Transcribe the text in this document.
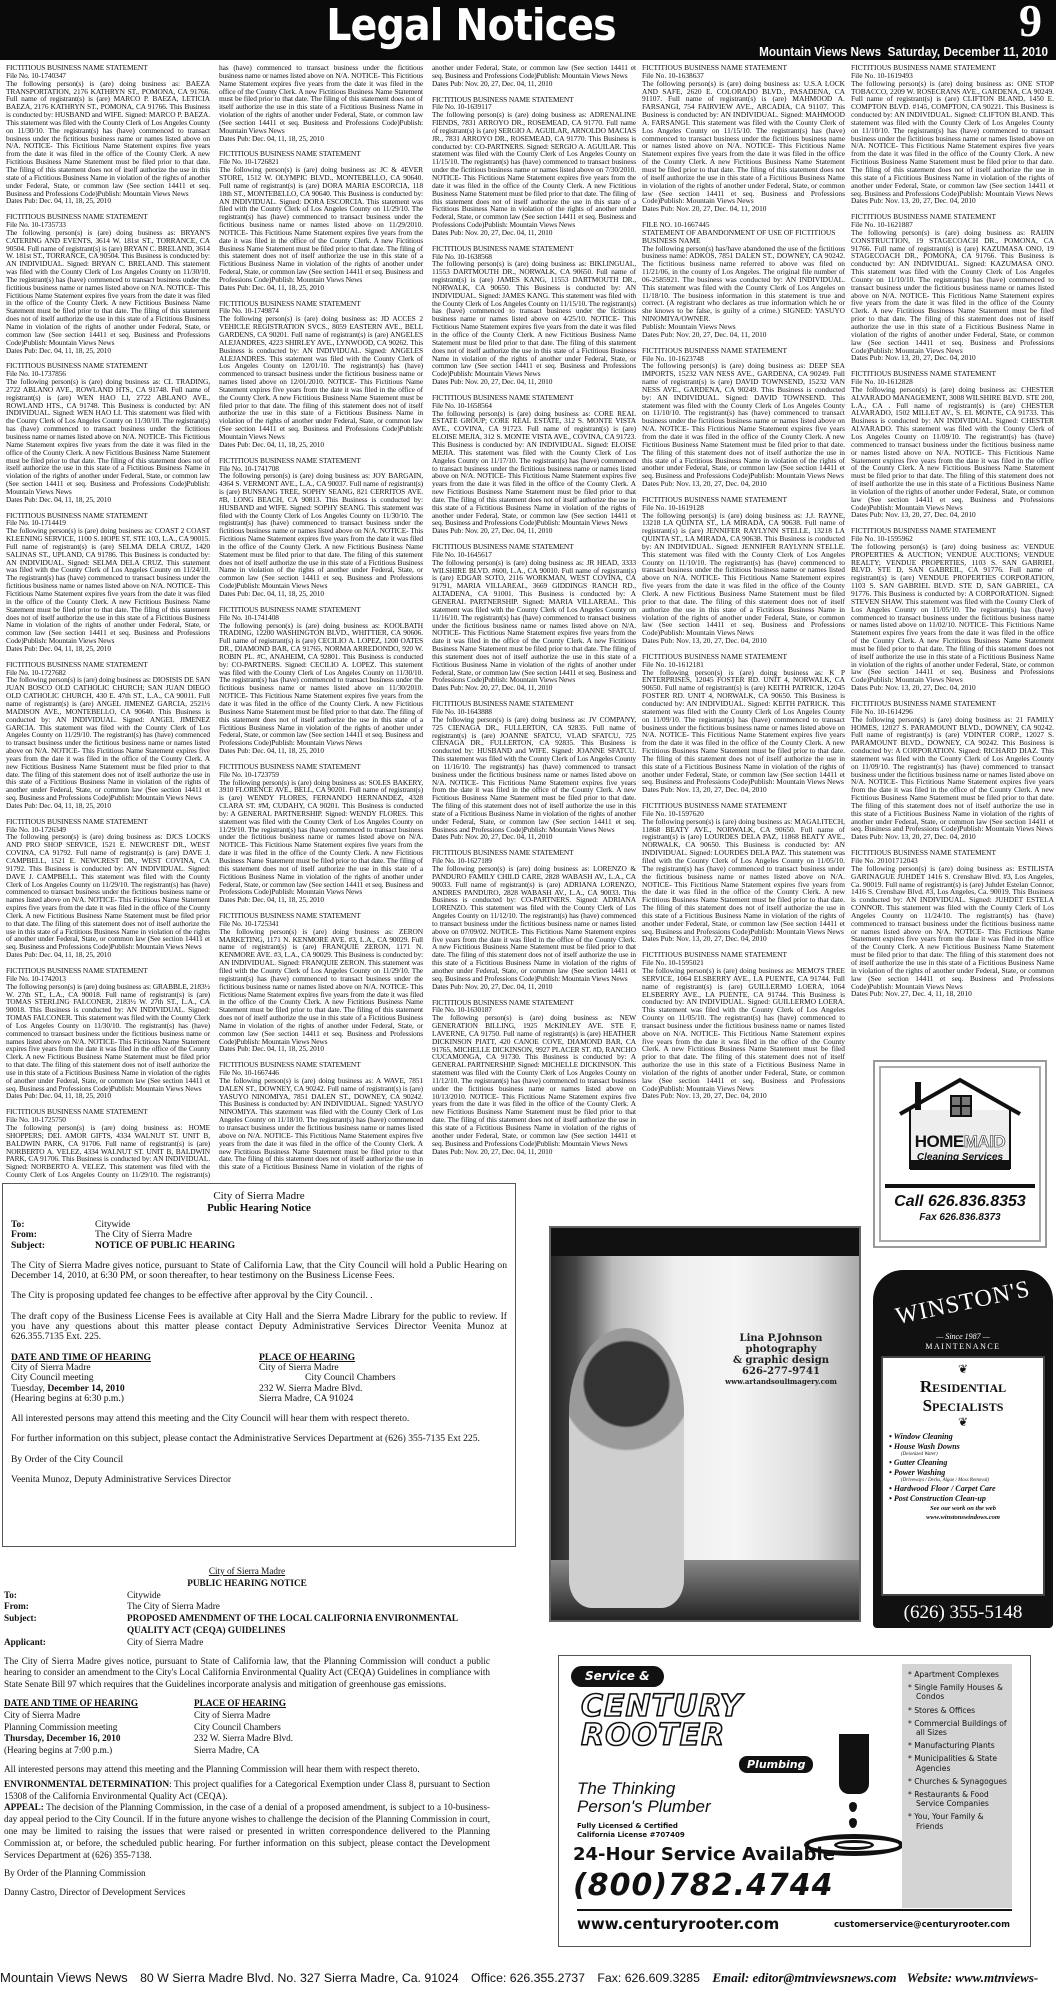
Legal Notices	9
Mountain Views News Saturday, December 11, 2010
FICTITIOUS BUSINESS NAME STATEMENT
File No. 10-1740347
The following person(s) is (are) doing business as: BAEZA TRANSPORTATION, 2176 KATHRYN ST., POMONA, CA 91766. Full name of registrant(s) is (are) MARCO P. BAEZA, LETICIA BAEZA, 2176 KATHRYN ST., POMONA, CA 91766. This Business is conducted by: HUSBAND and WIFE. Signed: MARCO P. BAEZA. This statement was filed with the County Clerk of Los Angeles County on 11/30/10. The registrant(s) has (have) commenced to transact business under the fictitious business name or names listed above on N/A. NOTICE- This Fictitious Name Statement expires five years from the date it was filed in the office of the County Clerk. A new Fictitious Business Name Statement must be filed prior to that date. The filing of this statement does not of itself authorize the use in this state of a Fictitious Business Name in violation of the rights of another under Federal, State, or common law (See section 14411 et seq. Business and Professions Code)Publish: Mountain Views News
Dates Pub: Dec. 04, 11, 18, 25, 2010
FICTITIOUS BUSINESS NAME STATEMENT
File No. 10-1735733
The following person(s) is (are) doing business as: BRYAN'S CATERING AND EVENTS, 3614 W. 181st ST., TORRANCE, CA 90504. Full name of registrant(s) is (are) BRYAN C. BRELAND, 3614 W. 181st ST., TORRANCE, CA 90504. This Business is conducted by: AN INDIVIDUAL. Signed: BRYAN C. BRELAND. This statement was filed with the County Clerk of Los Angeles County on 11/30/10. The registrant(s) has (have) commenced to transact business under the fictitious business name or names listed above on N/A. NOTICE- This Fictitious Name Statement expires five years from the date it was filed in the office of the County Clerk. A new Fictitious Business Name Statement must be filed prior to that date. The filing of this statement does not of itself authorize the use in this state of a Fictitious Business Name in violation of the rights of another under Federal, State, or common law (See section 14411 et seq. Business and Professions Code)Publish: Mountain Views News
Dates Pub: Dec. 04, 11, 18, 25, 2010
FICTITIOUS BUSINESS NAME STATEMENT
File No. 10-1737856
The following person(s) is (are) doing business as: CL TRADING, 2722 ABLANO AVE., ROWLAND HTS., CA 91748. Full name of registrant(s) is (are) WEN HAO LI, 2722 ABLANO AVE., ROWLAND HTS., CA 91748. This Business is conducted by: AN INDIVIDUAL. Signed: WEN HAO LI. This statement was filed with the County Clerk of Los Angeles County on 11/30/10. The registrant(s) has (have) commenced to transact business under the fictitious business name or names listed above on N/A. NOTICE- This Fictitious Name Statement expires five years from the date it was filed in the office of the County Clerk. A new Fictitious Business Name Statement must be filed prior to that date. The filing of this statement does not of itself authorize the use in this state of a Fictitious Business Name in violation of the rights of another under Federal, State, or common law (See section 14411 et seq. Business and Professions Code)Publish: Mountain Views News
Dates Pub: Dec. 04, 11, 18, 25, 2010
FICTITIOUS BUSINESS NAME STATEMENT
File No. 10-1714419
The following person(s) is (are) doing business as: COAST 2 COAST KLEENING SERVICE, 1100 S. HOPE ST. STE 103, L.A., CA 90015. Full name of registrant(s) is (are) SELMA DELA CRUZ, 1420 SALINAS ST., UPLAND, CA 91786. This Business is conducted by: AN INDIVIDUAL. Signed: SELMA DELA CRUZ. This statement was filed with the County Clerk of Los Angeles County on 11/24/10. The registrant(s) has (have) commenced to transact business under the fictitious business name or names listed above on N/A. NOTICE- This Fictitious Name Statement expires five years from the date it was filed in the office of the County Clerk. A new Fictitious Business Name Statement must be filed prior to that date. The filing of this statement does not of itself authorize the use in this state of a Fictitious Business Name in violation of the rights of another under Federal, State, or common law (See section 14411 et seq. Business and Professions Code)Publish: Mountain Views News
Dates Pub: Dec. 04, 11, 18, 25, 2010
FICTITIOUS BUSINESS NAME STATEMENT
File No. 10-1727682
The following person(s) is (are) doing business as: DIOSISIS DE SAN JUAN BOSCO OLD CATHOLIC CHURCH; SAN JUAN DIEGO OLD CATHOLIC CHURCH, 430 E. 47th ST., L.A., CA 90011. Full name of registrant(s) is (are) ANGEL JIMENEZ GARCIA, 2521½ MADISON AVE., MONTEBELLO, CA 90640. This Business is conducted by: AN INDIVIDUAL. Signed: ANGEL JIMENEZ GARCIA. This statement was filed with the County Clerk of Los Angeles County on 11/29/10. The registrant(s) has (have) commenced to transact business under the fictitious business name or names listed above on N/A. NOTICE- This Fictitious Name Statement expires five years from the date it was filed in the office of the County Clerk. A new Fictitious Business Name Statement must be filed prior to that date. The filing of this statement does not of itself authorize the use in this state of a Fictitious Business Name in violation of the rights of another under Federal, State, or common law (See section 14411 et seq. Business and Professions Code)Publish: Mountain Views News
Dates Pub: Dec. 04, 11, 18, 25, 2010
FICTITIOUS BUSINESS NAME STATEMENT
File No. 10-1726349
The following person(s) is (are) doing business as: DJCS LOCKS AND PRO SHOP SERVICE, 1521 E. NEWCREST DR., WEST COVINA, CA 91792. Full name of registrant(s) is (are) DAVE J. CAMPBELL, 1521 E. NEWCREST DR., WEST COVINA, CA 91792. This Business is conducted by: AN INDIVIDUAL. Signed: DAVE J. CAMPBELL. This statement was filed with the County Clerk of Los Angeles County on 11/29/10. The registrant(s) has (have) commenced to transact business under the fictitious business name or names listed above on N/A. NOTICE- This Fictitious Name Statement expires five years from the date it was filed in the office of the County Clerk. A new Fictitious Business Name Statement must be filed prior to that date. The filing of this statement does not of itself authorize the use in this state of a Fictitious Business Name in violation of the rights of another under Federal, State, or common law (See section 14411 et seq. Business and Professions Code)Publish: Mountain Views News
Dates Pub: Dec. 04, 11, 18, 25, 2010
FICTITIOUS BUSINESS NAME STATEMENT
File No. 10-1742013
The following person(s) is (are) doing business as: GRABBLE, 2183½ W. 27th ST., L.A., CA 90018. Full name of registrant(s) is (are) TOMAS STERLING FALCONER, 2183½ W. 27th ST., L.A., CA 90018. This Business is conducted by: AN INDIVIDUAL. Signed: TOMAS FALCONER. This statement was filed with the County Clerk of Los Angeles County on 11/30/10. The registrant(s) has (have) commenced to transact business under the fictitious business name or names listed above on N/A. NOTICE- This Fictitious Name Statement expires five years from the date it was filed in the office of the County Clerk. A new Fictitious Business Name Statement must be filed prior to that date. The filing of this statement does not of itself authorize the use in this state of a Fictitious Business Name in violation of the rights of another under Federal, State, or common law (See section 14411 et seq. Business and Professions Code)Publish: Mountain Views News
Dates Pub: Dec. 04, 11, 18, 25, 2010
FICTITIOUS BUSINESS NAME STATEMENT
File No. 10-1725750
The following person(s) is (are) doing business as: HOME SHOPPERS; DEL AMOR GIFTS, 4334 WALNUT ST. UNIT B, BALDWIN PARK, CA 91706. Full name of registrant(s) is (are) NORBERTO A. VELEZ, 4334 WALNUT ST. UNIT B, BALDWIN PARK, CA 91706. This Business is conducted by: AN INDIVIDUAL. Signed: NORBERTO A. VELEZ. This statement was filed with the County Clerk of Los Angeles County on 11/29/10. The registrant(s) has (have) commenced to transact business under the fictitious business name or names listed above on N/A. NOTICE- This Fictitious Name Statement expires five years from the date it was filed in the office of the County Clerk. A new Fictitious Business Name Statement must be filed prior to that date. The filing of this statement does not of itself authorize the use in this state of a Fictitious Business Name in violation of the rights of another under Federal, State, or common law (See section 14411 et seq. Business and Professions Code)Publish: Mountain Views News
Dates Pub: Dec. 04, 11, 18, 25, 2010
FICTITIOUS BUSINESS NAME STATEMENT
File No. 10-1726821
The following person(s) is (are) doing business as: JC & 4EVER STORE, 1512 W. OLYMPIC BLVD., MONTEBELLO, CA 90640. Full name of registrant(s) is (are) DORA MARIA ESCORCIA, 118 18th ST., MONTEBELLO, CA 90640. This Business is conducted by: AN INDIVIDUAL. Signed: DORA ESCORCIA. This statement was filed with the County Clerk of Los Angeles County on 11/29/10. The registrant(s) has (have) commenced to transact business under the fictitious business name or names listed above on 11/29/2010. NOTICE- This Fictitious Name Statement expires five years from the date it was filed in the office of the County Clerk. A new Fictitious Business Name Statement must be filed prior to that date. The filing of this statement does not of itself authorize the use in this state of a Fictitious Business Name in violation of the rights of another under Federal, State, or common law (See section 14411 et seq. Business and Professions Code)Publish: Mountain Views News
Dates Pub: Dec. 04, 11, 18, 25, 2010
FICTITIOUS BUSINESS NAME STATEMENT
File No. 10-1749874
The following person(s) is (are) doing business as: JD ACCES 2 VEHICLE REGISTRATION SVCS., 8059 EASTERN AVE., BELL GARDENS, CA 90201. Full name of registrant(s) is (are) ANGELES ALEJANDRES, 4223 SHIRLEY AVE., LYNWOOD, CA 90262. This Business is conducted by: AN INDIVIDUAL. Signed: ANGELES ALEJANDRES. This statement was filed with the County Clerk of Los Angeles County on 12/01/10. The registrant(s) has (have) commenced to transact business under the fictitious business name or names listed above on 12/01/2010. NOTICE- This Fictitious Name Statement expires five years from the date it was filed in the office of the County Clerk. A new Fictitious Business Name Statement must be filed prior to that date. The filing of this statement does not of itself authorize the use in this state of a Fictitious Business Name in violation of the rights of another under Federal, State, or common law (See section 14411 et seq. Business and Professions Code)Publish: Mountain Views News
Dates Pub: Dec. 04, 11, 18, 25, 2010
FICTITIOUS BUSINESS NAME STATEMENT
File No. 10-1741708
The following person(s) is (are) doing business as: JOY BARGAIN, 4364 S. VERMONT AVE., L.A., CA 90037. Full name of registrant(s) is (are) BUNSANG TREE, SOPHY SEANG, 821 CERRITOS AVE. #B, LONG BEACH, CA 90813. This Business is conducted by: HUSBAND and WIFE. Signed: SOPHY SEANG. This statement was filed with the County Clerk of Los Angeles County on 11/30/10. The registrant(s) has (have) commenced to transact business under the fictitious business name or names listed above on N/A. NOTICE- This Fictitious Name Statement expires five years from the date it was filed in the office of the County Clerk. A new Fictitious Business Name Statement must be filed prior to that date. The filing of this statement does not of itself authorize the use in this state of a Fictitious Business Name in violation of the rights of another under Federal, State, or common law (See section 14411 et seq. Business and Professions Code)Publish: Mountain Views News
Dates Pub: Dec. 04, 11, 18, 25, 2010
FICTITIOUS BUSINESS NAME STATEMENT
File No. 10-1741408
The following person(s) is (are) doing business as: KOOLBATH TRADING, 12200 WASHINGTON BLVD., WHITTIER, CA 90606. Full name of registrant(s) is (are) CECILIO A. LOPEZ, 1200 OATES DR., DIAMOND BAR, CA 91765, NORMA ARREDONDO, 920 W. ROBIN PL. #C, ANAHEIM, CA 92801. This Business is conducted by: CO-PARTNERS. Signed: CECILIO A. LOPEZ. This statement was filed with the County Clerk of Los Angeles County on 11/30/10. The registrant(s) has (have) commenced to transact business under the fictitious business name or names listed above on 11/30/2010. NOTICE- This Fictitious Name Statement expires five years from the date it was filed in the office of the County Clerk. A new Fictitious Business Name Statement must be filed prior to that date. The filing of this statement does not of itself authorize the use in this state of a Fictitious Business Name in violation of the rights of another under Federal, State, or common law (See section 14411 et seq. Business and Professions Code)Publish: Mountain Views News
Dates Pub: Dec. 04, 11, 18, 25, 2010
FICTITIOUS BUSINESS NAME STATEMENT
File No. 10-1723759
The following person(s) is (are) doing business as: SOLES BAKERY, 3910 FLORENCE AVE., BELL, CA 90201. Full name of registrant(s) is (are) WENDY FLORES, FERNANDO HERNANDEZ, 4328 CLARA ST. #M, CUDAHY, CA 90201. This Business is conducted by: A GENERAL PARTNERSHIP. Signed: WENDY FLORES. This statement was filed with the County Clerk of Los Angeles County on 11/29/10. The registrant(s) has (have) commenced to transact business under the fictitious business name or names listed above on N/A. NOTICE- This Fictitious Name Statement expires five years from the date it was filed in the office of the County Clerk. A new Fictitious Business Name Statement must be filed prior to that date. The filing of this statement does not of itself authorize the use in this state of a Fictitious Business Name in violation of the rights of another under Federal, State, or common law (See section 14411 et seq. Business and Professions Code)Publish: Mountain Views News
Dates Pub: Dec. 04, 11, 18, 25, 2010
FICTITIOUS BUSINESS NAME STATEMENT
File No. 10-1725341
The following person(s) is (are) doing business as: ZERON MARKETING, 1171 N. KENMORE AVE. #3, L.A., CA 90029. Full name of registrant(s) is (are) FRANQUIE ZERON, 1171 N. KENMORE AVE. #3, L.A., CA 90029. This Business is conducted by: AN INDIVIDUAL. Signed: FRANQUIE ZERON. This statement was filed with the County Clerk of Los Angeles County on 11/29/10. The registrant(s) has (have) commenced to transact business under the fictitious business name or names listed above on N/A. NOTICE- This Fictitious Name Statement expires five years from the date it was filed in the office of the County Clerk. A new Fictitious Business Name Statement must be filed prior to that date. The filing of this statement does not of itself authorize the use in this state of a Fictitious Business Name in violation of the rights of another under Federal, State, or common law (See section 14411 et seq. Business and Professions Code)Publish: Mountain Views News
Dates Pub: Dec. 04, 11, 18, 25, 2010
FICTITIOUS BUSINESS NAME STATEMENT
File No. 10-1667446
The following person(s) is (are) doing business as: A WAVE, 7851 DALEN ST., DOWNEY, CA 90242. Full name of registrant(s) is (are) YASUYO NINOMIYA, 7851 DALEN ST., DOWNEY, CA 90242. This Business is conducted by: AN INDIVIDUAL. Signed: YASUYO NINOMIYA. This statement was filed with the County Clerk of Los Angeles County on 11/18/10. The registrant(s) has (have) commenced to transact business under the fictitious business name or names listed above on N/A. NOTICE- This Fictitious Name Statement expires five years from the date it was filed in the office of the County Clerk. A new Fictitious Business Name Statement must be filed prior to that date. The filing of this statement does not of itself authorize the use in this state of a Fictitious Business Name in violation of the rights of another under Federal, State, or common law (See section 14411 et seq. Business and Professions Code)Publish: Mountain Views News
Dates Pub: Nov. 20, 27, Dec. 04, 11, 2010
FICTITIOUS BUSINESS NAME STATEMENT
File No. 10-1639117
The following person(s) is (are) doing business as: ADRENALINE FIENDS, 7831 ARROYO DR., ROSEMEAD, CA 91770. Full name of registrant(s) is (are) SERGIO A. AGUILAR, ARNOLDO MACIAS JR., 7831 ARROYO DR., ROSEMEAD, CA 91770. This Business is conducted by: CO-PARTNERS. Signed: SERGIO A. AGUILAR. This statement was filed with the County Clerk of Los Angeles County on 11/15/10. The registrant(s) has (have) commenced to transact business under the fictitious business name or names listed above on 7/30/2010. NOTICE- This Fictitious Name Statement expires five years from the date it was filed in the office of the County Clerk. A new Fictitious Business Name Statement must be filed prior to that date. The filing of this statement does not of itself authorize the use in this state of a Fictitious Business Name in violation of the rights of another under Federal, State, or common law (See section 14411 et seq. Business and Professions Code)Publish: Mountain Views News
Dates Pub: Nov. 20, 27, Dec. 04, 11, 2010
FICTITIOUS BUSINESS NAME STATEMENT
File No. 10-1638568
The following person(s) is (are) doing business as: BIKLINGUAL, 11553 DARTMOUTH DR., NORWALK, CA 90650. Full name of registrant(s) is (are) JAMES KANG, 11553 DARTMOUTH DR., NORWALK, CA 90650. This Business is conducted by: AN INDIVIDUAL. Signed: JAMES KANG. This statement was filed with the County Clerk of Los Angeles County on 11/15/10. The registrant(s) has (have) commenced to transact business under the fictitious business name or names listed above on 4/25/10. NOTICE- This Fictitious Name Statement expires five years from the date it was filed in the office of the County Clerk. A new Fictitious Business Name Statement must be filed prior to that date. The filing of this statement does not of itself authorize the use in this state of a Fictitious Business Name in violation of the rights of another under Federal, State, or common law (See section 14411 et seq. Business and Professions Code)Publish: Mountain Views News
Dates Pub: Nov. 20, 27, Dec. 04, 11, 2010
FICTITIOUS BUSINESS NAME STATEMENT
File No. 10-1658564
The following person(s) is (are) doing business as: CORE REAL ESTATE GROUP; CORE REAL ESTATE, 312 S. MONTE VISTA AVE., COVINA, CA 91723. Full name of registrant(s) is (are) ELOISE MEJIA, 312 S. MONTE VISTA AVE., COVINA, CA 91723. This Business is conducted by: AN INDIVIDUAL. Signed: ELOISE MEJIA. This statement was filed with the County Clerk of Los Angeles County on 11/17/10. The registrant(s) has (have) commenced to transact business under the fictitious business name or names listed above on N/A. NOTICE- This Fictitious Name Statement expires five years from the date it was filed in the office of the County Clerk. A new Fictitious Business Name Statement must be filed prior to that date. The filing of this statement does not of itself authorize the use in this state of a Fictitious Business Name in violation of the rights of another under Federal, State, or common law (See section 14411 et seq. Business and Professions Code)Publish: Mountain Views News
Dates Pub: Nov. 20, 27, Dec. 04, 11, 2010
FICTITIOUS BUSINESS NAME STATEMENT
File No. 10-1645617
The following person(s) is (are) doing business as: JR HEAD, 3333 WILSHIRE BLVD. #600, L.A., CA 90010. Full name of registrant(s) is (are) EDGAR SOTO, 2116 WORKMAN, WEST COVINA, CA 91791, MARIA VILLAREAL, 3669 GIDDINGS RANCH RD., ALTADENA, CA 91001. This Business is conducted by: A GENERAL PARTNERSHIP. Signed: MARIA VILLAREAL. This statement was filed with the County Clerk of Los Angeles County on 11/16/10. The registrant(s) has (have) commenced to transact business under the fictitious business name or names listed above on N/A. NOTICE- This Fictitious Name Statement expires five years from the date it was filed in the office of the County Clerk. A new Fictitious Business Name Statement must be filed prior to that date. The filing of this statement does not of itself authorize the use in this state of a Fictitious Business Name in violation of the rights of another under Federal, State, or common law (See section 14411 et seq. Business and Professions Code)Publish: Mountain Views News
Dates Pub: Nov. 20, 27, Dec. 04, 11, 2010
FICTITIOUS BUSINESS NAME STATEMENT
File No. 10-1643888
The following person(s) is (are) doing business as: JV COMPANY, 725 CIENAGA DR., FULLERTON, CA 92835. Full name of registrant(s) is (are) JOANNE SFATCU, VLAD SFATCU, 725 CIENAGA DR., FULLERTON, CA 92835. This Business is conducted by: HUSBAND and WIFE. Signed: JOANNE SFATCU. This statement was filed with the County Clerk of Los Angeles County on 11/16/10. The registrant(s) has (have) commenced to transact business under the fictitious business name or names listed above on N/A. NOTICE- This Fictitious Name Statement expires five years from the date it was filed in the office of the County Clerk. A new Fictitious Business Name Statement must be filed prior to that date. The filing of this statement does not of itself authorize the use in this state of a Fictitious Business Name in violation of the rights of another under Federal, State, or common law (See section 14411 et seq. Business and Professions Code)Publish: Mountain Views News
Dates Pub: Nov. 20, 27, Dec. 04, 11, 2010
FICTITIOUS BUSINESS NAME STATEMENT
File No. 10-1627189
The following person(s) is (are) doing business as: LORENZO & PANDURO FAMILY CHILD CARE, 2828 WABASH AV., L.A., CA 90033. Full name of registrant(s) is (are) ADRIANA LORENZO, ANDRES PANDURO, 2828 WABASH AV., L.A., CA 90033. This Business is conducted by: CO-PARTNERS. Signed: ADRIANA LORENZO. This statement was filed with the County Clerk of Los Angeles County on 11/12/10. The registrant(s) has (have) commenced to transact business under the fictitious business name or names listed above on 07/09/02. NOTICE- This Fictitious Name Statement expires five years from the date it was filed in the office of the County Clerk. A new Fictitious Business Name Statement must be filed prior to that date. The filing of this statement does not of itself authorize the use in this state of a Fictitious Business Name in violation of the rights of another under Federal, State, or common law (See section 14411 et seq. Business and Professions Code)Publish: Mountain Views News
Dates Pub: Nov. 20, 27, Dec. 04, 11, 2010
FICTITIOUS BUSINESS NAME STATEMENT
File No. 10-1630187
The following person(s) is (are) doing business as: NEW GENERATION BILLING, 1925 McKINLEY AVE. STE F, LAVERNE, CA 91750. Full name of registrant(s) is (are) HEATHER DICKINSON PIATT, 420 CANOE COVE, DIAMOND BAR, CA 91765, MICHELLE DICKINSON, 9927 PLACER ST. #D, RANCHO CUCAMONGA, CA 91730. This Business is conducted by: A GENERAL PARTNERSHIP. Signed: MICHELLE DICKINSON. This statement was filed with the County Clerk of Los Angeles County on 11/12/10. The registrant(s) has (have) commenced to transact business under the fictitious business name or names listed above on 10/13/2010. NOTICE- This Fictitious Name Statement expires five years from the date it was filed in the office of the County Clerk. A new Fictitious Business Name Statement must be filed prior to that date. The filing of this statement does not of itself authorize the use in this state of a Fictitious Business Name in violation of the rights of another under Federal, State, or common law (See section 14411 et seq. Business and Professions Code)Publish: Mountain Views News
Dates Pub: Nov. 20, 27, Dec. 04, 11, 2010
FICTITIOUS BUSINESS NAME STATEMENT
File No. 10-1638637
The following person(s) is (are) doing business as: U.S.A LOCK AND SAFE, 2620 E. COLORADO BLVD., PASADENA, CA 91107. Full name of registrant(s) is (are) MAHMOOD A. FARSANGI, 754 FAIRVIEW AVE., ARCADIA, CA 91107. This Business is conducted by: AN INDIVIDUAL. Signed: MAHMOOD A. FARSANGI. This statement was filed with the County Clerk of Los Angeles County on 11/15/10. The registrant(s) has (have) commenced to transact business under the fictitious business name or names listed above on N/A. NOTICE- This Fictitious Name Statement expires five years from the date it was filed in the office of the County Clerk. A new Fictitious Business Name Statement must be filed prior to that date. The filing of this statement does not of itself authorize the use in this state of a Fictitious Business Name in violation of the rights of another under Federal, State, or common law (See section 14411 et seq. Business and Professions Code)Publish: Mountain Views News
Dates Pub: Nov. 20, 27, Dec. 04, 11, 2010
FILE NO. 10-1667445
STATEMENT OF ABANDONMENT OF USE OF FICTITIOUS BUSINESS NAME
The following person(s) has/have abandoned the use of the fictitious business name: ADKOS, 7851 DALEN ST., DOWNEY, CA 90242. The fictitious business name referred to above was filed on 11/21/06, in the county of Los Angeles. The original file number of 06-2585921. The business was conducted by: AN INDIVIDUAL. This statement was filed with the County Clerk of Los Angeles on 11/18/10. The business information in this statement is true and correct. (A registrant who declares as true information which he or she knows to be false, is guilty of a crime.) SIGNED: YASUYO NINOMIYA/OWNER.
Publish: Mountain Views News
Dates Pub: Nov. 20, 27, Dec. 04, 11, 2010
FICTITIOUS BUSINESS NAME STATEMENT
File No. 10-1623748
The following person(s) is (are) doing business as: DEEP SEA IMPORTS, 15232 VAN NESS AVE., GARDENA, CA 90249. Full name of registrant(s) is (are) DAVID TOWNSEND, 15232 VAN NESS AVE., GARDENA, CA 90249. This Business is conducted by: AN INDIVIDUAL. Signed: DAVID TOWNSEND. This statement was filed with the County Clerk of Los Angeles County on 11/10/10. The registrant(s) has (have) commenced to transact business under the fictitious business name or names listed above on N/A. NOTICE- This Fictitious Name Statement expires five years from the date it was filed in the office of the County Clerk. A new Fictitious Business Name Statement must be filed prior to that date. The filing of this statement does not of itself authorize the use in this state of a Fictitious Business Name in violation of the rights of another under Federal, State, or common law (See section 14411 et seq. Business and Professions Code)Publish: Mountain Views News
Dates Pub: Nov. 13, 20, 27, Dec. 04, 2010
FICTITIOUS BUSINESS NAME STATEMENT
File No. 10-1619128
The following person(s) is (are) doing business as: J.J. RAYNE, 13218 LA QUINTA ST., LA MIRADA, CA 90638. Full name of registrant(s) is (are) JENNIFER RAYLYNN STELLE, 13218 LA QUINTA ST., LA MIRADA, CA 90638. This Business is conducted by: AN INDIVIDUAL. Signed: JENNIFER RAYLYNN STELLE. This statement was filed with the County Clerk of Los Angeles County on 11/10/10. The registrant(s) has (have) commenced to transact business under the fictitious business name or names listed above on N/A. NOTICE- This Fictitious Name Statement expires five years from the date it was filed in the office of the County Clerk. A new Fictitious Business Name Statement must be filed prior to that date. The filing of this statement does not of itself authorize the use in this state of a Fictitious Business Name in violation of the rights of another under Federal, State, or common law (See section 14411 et seq. Business and Professions Code)Publish: Mountain Views News
Dates Pub: Nov. 13, 20, 27, Dec. 04, 2010
FICTITIOUS BUSINESS NAME STATEMENT
File No. 10-1612181
The following person(s) is (are) doing business as: K P ENTERPRISES, 12045 FOSTER RD. UNIT 4, NORWALK, CA 90650. Full name of registrant(s) is (are) KEITH PATRICK, 12045 FOSTER RD. UNIT 4, NORWALK, CA 90650. This Business is conducted by: AN INDIVIDUAL. Signed: KEITH PATRICK. This statement was filed with the County Clerk of Los Angeles County on 11/09/10. The registrant(s) has (have) commenced to transact business under the fictitious business name or names listed above on N/A. NOTICE- This Fictitious Name Statement expires five years from the date it was filed in the office of the County Clerk. A new Fictitious Business Name Statement must be filed prior to that date. The filing of this statement does not of itself authorize the use in this state of a Fictitious Business Name in violation of the rights of another under Federal, State, or common law (See section 14411 et seq. Business and Professions Code)Publish: Mountain Views News
Dates Pub: Nov. 13, 20, 27, Dec. 04, 2010
FICTITIOUS BUSINESS NAME STATEMENT
File No. 10-1597620
The following person(s) is (are) doing business as: MAGALITECH, 11868 BEATY AVE., NORWALK, CA 90650. Full name of registrant(s) is (are) LOURDES DELA PAZ, 11868 BEATY AVE., NORWALK, CA 90650. This Business is conducted by: AN INDIVIDUAL. Signed: LOURDES DELA PAZ. This statement was filed with the County Clerk of Los Angeles County on 11/05/10. The registrant(s) has (have) commenced to transact business under the fictitious business name or names listed above on N/A. NOTICE- This Fictitious Name Statement expires five years from the date it was filed in the office of the County Clerk. A new Fictitious Business Name Statement must be filed prior to that date. The filing of this statement does not of itself authorize the use in this state of a Fictitious Business Name in violation of the rights of another under Federal, State, or common law (See section 14411 et seq. Business and Professions Code)Publish: Mountain Views News
Dates Pub: Nov. 13, 20, 27, Dec. 04, 2010
FICTITIOUS BUSINESS NAME STATEMENT
File No. 10-1595021
The following person(s) is (are) doing business as: MEMO'S TREE SERVICE, 1064 ELSBERRY AVE., LA PUENTE, CA 91744. Full name of registrant(s) is (are) GUILLERMO LOERA, 1064 ELSBERRY AVE., LA PUENTE, CA 91744. This Business is conducted by: AN INDIVIDUAL. Signed: GUILLERMO LOERA. This statement was filed with the County Clerk of Los Angeles County on 11/05/10. The registrant(s) has (have) commenced to transact business under the fictitious business name or names listed above on N/A. NOTICE- This Fictitious Name Statement expires five years from the date it was filed in the office of the County Clerk. A new Fictitious Business Name Statement must be filed prior to that date. The filing of this statement does not of itself authorize the use in this state of a Fictitious Business Name in violation of the rights of another under Federal, State, or common law (See section 14411 et seq. Business and Professions Code)Publish: Mountain Views News
Dates Pub: Nov. 13, 20, 27, Dec. 04, 2010
FICTITIOUS BUSINESS NAME STATEMENT
File No. 10-1619493
The following person(s) is (are) doing business as: ONE STOP TOBACCO, 2209 W. ROSECRANS AVE., GARDENA, CA 90249. Full name of registrant(s) is (are) CLIFTON BLAND, 1450 E. COMPTON BLVD. #145, COMPTON, CA 90221. This Business is conducted by: AN INDIVIDUAL. Signed: CLIFTON BLAND. This statement was filed with the County Clerk of Los Angeles County on 11/10/10. The registrant(s) has (have) commenced to transact business under the fictitious business name or names listed above on N/A. NOTICE- This Fictitious Name Statement expires five years from the date it was filed in the office of the County Clerk. A new Fictitious Business Name Statement must be filed prior to that date. The filing of this statement does not of itself authorize the use in this state of a Fictitious Business Name in violation of the rights of another under Federal, State, or common law (See section 14411 et seq. Business and Professions Code)Publish: Mountain Views News
Dates Pub: Nov. 13, 20, 27, Dec. 04, 2010
FICTITIOUS BUSINESS NAME STATEMENT
File No. 10-1621887
The following person(s) is (are) doing business as: RAIJIN CONSTRUCTION, 19 STAGECOACH DR., POMONA, CA 91766. Full name of registrant(s) is (are) KAZUMASA ONO, 19 STAGECOACH DR., POMONA, CA 91766. This Business is conducted by: AN INDIVIDUAL. Signed: KAZUMASA ONO. This statement was filed with the County Clerk of Los Angeles County on 11/10/10. The registrant(s) has (have) commenced to transact business under the fictitious business name or names listed above on N/A. NOTICE- This Fictitious Name Statement expires five years from the date it was filed in the office of the County Clerk. A new Fictitious Business Name Statement must be filed prior to that date. The filing of this statement does not of itself authorize the use in this state of a Fictitious Business Name in violation of the rights of another under Federal, State, or common law (See section 14411 et seq. Business and Professions Code)Publish: Mountain Views News
Dates Pub: Nov. 13, 20, 27, Dec. 04, 2010
FICTITIOUS BUSINESS NAME STATEMENT
File No. 10-1612828
The following person(s) is (are) doing business as: CHESTER ALVARADO MANAGEMENT, 3008 WILSHIRE BLVD. STE 200, L.A., CA . Full name of registrant(s) is (are) CHESTER ALVARADO, 1502 MILLET AV., S. EL MONTE, CA 91733. This Business is conducted by: AN INDIVIDUAL. Signed: CHESTER ALVARADO. This statement was filed with the County Clerk of Los Angeles County on 11/09/10. The registrant(s) has (have) commenced to transact business under the fictitious business name or names listed above on N/A. NOTICE- This Fictitious Name Statement expires five years from the date it was filed in the office of the County Clerk. A new Fictitious Business Name Statement must be filed prior to that date. The filing of this statement does not of itself authorize the use in this state of a Fictitious Business Name in violation of the rights of another under Federal, State, or common law (See section 14411 et seq. Business and Professions Code)Publish: Mountain Views News
Dates Pub: Nov. 13, 20, 27, Dec. 04, 2010
FICTITIOUS BUSINESS NAME STATEMENT
File No. 10-1595962
The following person(s) is (are) doing business as: VENDUE PROPERTIES & AUCTION; VENDUE AUCTIONS; VENDUE REALTY; VENDUE PROPERTIES, 1103 S. SAN GABRIEL BLVD. STE D, SAN GABREIL, CA 91776. Full name of registrant(s) is (are) VENDUE PROPERTIES CORPORATION, 1103 S. SAN GABRIEL BLVD. STE D, SAN GABRIEL, CA 91776. This Business is conducted by: A CORPORATION. Signed: STEVEN SHAW. This statement was filed with the County Clerk of Los Angeles County on 11/05/10. The registrant(s) has (have) commenced to transact business under the fictitious business name or names listed above on 11/02/10. NOTICE- This Fictitious Name Statement expires five years from the date it was filed in the office of the County Clerk. A new Fictitious Business Name Statement must be filed prior to that date. The filing of this statement does not of itself authorize the use in this state of a Fictitious Business Name in violation of the rights of another under Federal, State, or common law (See section 14411 et seq. Business and Professions Code)Publish: Mountain Views News
Dates Pub: Nov. 13, 20, 27, Dec. 04, 2010
FICTITIOUS BUSINESS NAME STATEMENT
File No. 10-1614296
The following person(s) is (are) doing business as: 21 FAMILY HOMES, 12027 S. PARAMOUNT BLVD., DOWNEY, CA 90242. Full name of registrant(s) is (are) VDINTER CORP., 12027 S. PARAMOUNT BLVD., DOWNEY, CA 90242. This Business is conducted by: A CORPORATION. Signed: RICHARD DIAZ. This statement was filed with the County Clerk of Los Angeles County on 11/09/10. The registrant(s) has (have) commenced to transact business under the fictitious business name or names listed above on N/A. NOTICE- This Fictitious Name Statement expires five years from the date it was filed in the office of the County Clerk. A new Fictitious Business Name Statement must be filed prior to that date. The filing of this statement does not of itself authorize the use in this state of a Fictitious Business Name in violation of the rights of another under Federal, State, or common law (See section 14411 et seq. Business and Professions Code)Publish: Mountain Views News
Dates Pub: Nov. 13, 20, 27, Dec. 04, 2010
FICTITIOUS BUSINESS NAME STATEMENT
File No. 20101712043
The following person(s) is (are) doing business as: ESTILISTA GARINAGUE JUHDET 1416 S. Crenshaw Blvd. #3, Los Angeles, Ca. 90019. Full name of registrant(s) is (are) Juhdet Estelan Connor, 1416 S. Crenshaw Blvd. #3, Los Angeles, Ca. 90019. This Business is conducted by: AN INDIVIDUAL. Signed: JUHDET ESTELA CONNOR. This statement was filed with the County Clerk of Los Angeles County on 11/24/10. The registrant(s) has (have) commenced to transact business under the fictitious business name or names listed above on N/A. NOTICE- This Fictitious Name Statement expires five years from the date it was filed in the office of the County Clerk. A new Fictitious Business Name Statement must be filed prior to that date. The filing of this statement does not of itself authorize the use in this state of a Fictitious Business Name in violation of the rights of another under Federal, State, or common law (See section 14411 et seq. Business and Professions Code)Publish: Mountain Views News
Dates Pub: Nov. 27, Dec. 4, 11, 18, 2010
City of Sierra Madre
Public Hearing Notice
To:	Citywide
From:	The City of Sierra Madre
Subject:	NOTICE OF PUBLIC HEARING
The City of Sierra Madre gives notice, pursuant to State of California Law, that the City Council will hold a Public Hearing on December 14, 2010, at 6:30 PM, or soon thereafter, to hear testimony on the Business License Fees.
The City is proposing updated fee changes to be effective after approval by the City Council. .
The draft copy of the Business License Fees is available at City Hall and the Sierra Madre Library for the public to review. If you have any questions about this matter please contact Deputy Administrative Services Director Veenita Munoz at 626.355.7135 Ext. 225.
DATE AND TIME OF HEARING
City of Sierra Madre
City Council meeting
Tuesday, December 14, 2010
(Hearing begins at 6:30 p.m.)
PLACE OF HEARING
City of Sierra Madre
City Council Chambers
232 W. Sierra Madre Blvd.
Sierra Madre, CA 91024
All interested persons may attend this meeting and the City Council will hear them with respect thereto.
For further information on this subject, please contact the Administrative Services Department at (626) 355-7135 Ext 225.
By Order of the City Council
Veenita Munoz, Deputy Administrative Services Director
City of Sierra Madre
PUBLIC HEARING NOTICE
To:	Citywide
From:	The City of Sierra Madre
Subject:	PROPOSED AMENDMENT OF THE LOCAL CALIFORNIA ENVIRONMENTAL QUALITY ACT (CEQA) GUIDELINES
Applicant:	City of Sierra Madre
The City of Sierra Madre gives notice, pursuant to State of California law, that the Planning Commission will conduct a public hearing to consider an amendment to the City's Local California Environmental Quality Act (CEQA) Guidelines in compliance with State Senate Bill 97 which requires that the Guidelines incorporate analysis and mitigation of greenhouse gas emissions.
DATE AND TIME OF HEARING
City of Sierra Madre
Planning Commission meeting
Thursday, December 16, 2010
(Hearing begins at 7:00 p.m.)
PLACE OF HEARING
City of Sierra Madre
City Council Chambers
232 W. Sierra Madre Blvd.
Sierra Madre, CA
All interested persons may attend this meeting and the Planning Commission will hear them with respect thereto.
ENVIRONMENTAL DETERMINATION: This project qualifies for a Categorical Exemption under Class 8, pursuant to Section 15308 of the California Environmental Quality Act (CEQA).
APPEAL: The decision of the Planning Commission, in the case of a denial of a proposed amendment, is subject to a 10-business-day appeal period to the City Council. If in the future anyone wishes to challenge the decision of the Planning Commission in court, one may be limited to raising the issues that were raised or presented in written correspondence delivered to the Planning Commission at, or before, the scheduled public hearing. For further information on this subject, please contact the Development Services Department at (626) 355-7138.
By Order of the Planning Commission
Danny Castro, Director of Development Services
Lina P.Johnson
photography
& graphic design
626-277-9741
www.artandsoulimagery.com
HOMEMAID
Cleaning Services
Call 626.836.8353
Fax 626.836.8373
WINSTON'S
— Since 1987 —
MAINTENANCE
❦
Residential
Specialists
❦
• Window Cleaning
• House Wash Downs
(Deionized Water)
• Gutter Cleaning
• Power Washing
(Driveways / Decks, Algae / Moss Removal)
• Hardwood Floor / Carpet Care
• Post Construction Clean-up
See our work on the web
www.winstonswindows.com
(626) 355-5148
Service &
CENTURY
ROOTER
Plumbing
The Thinking
Person's Plumber
Fully Licensed & Certified
California License #707409
24-Hour Service Available
(800)782.4744
* Apartment Complexes
* Single Family Houses & Condos
* Stores & Offices
* Commercial Buildings of all Sizes
* Manufacturing Plants
* Municipalities & State Agencies
* Churches & Synagogues
* Restaurants & Food Service Companies
* You, Your Family & Friends
www.centuryrooter.com	customerservice@centuryrooter.com
Mountain Views News 80 W Sierra Madre Blvd. No. 327 Sierra Madre, Ca. 91024 Office: 626.355.2737 Fax: 626.609.3285 Email: editor@mtnviewsnews.com Website: www.mtnviews-
